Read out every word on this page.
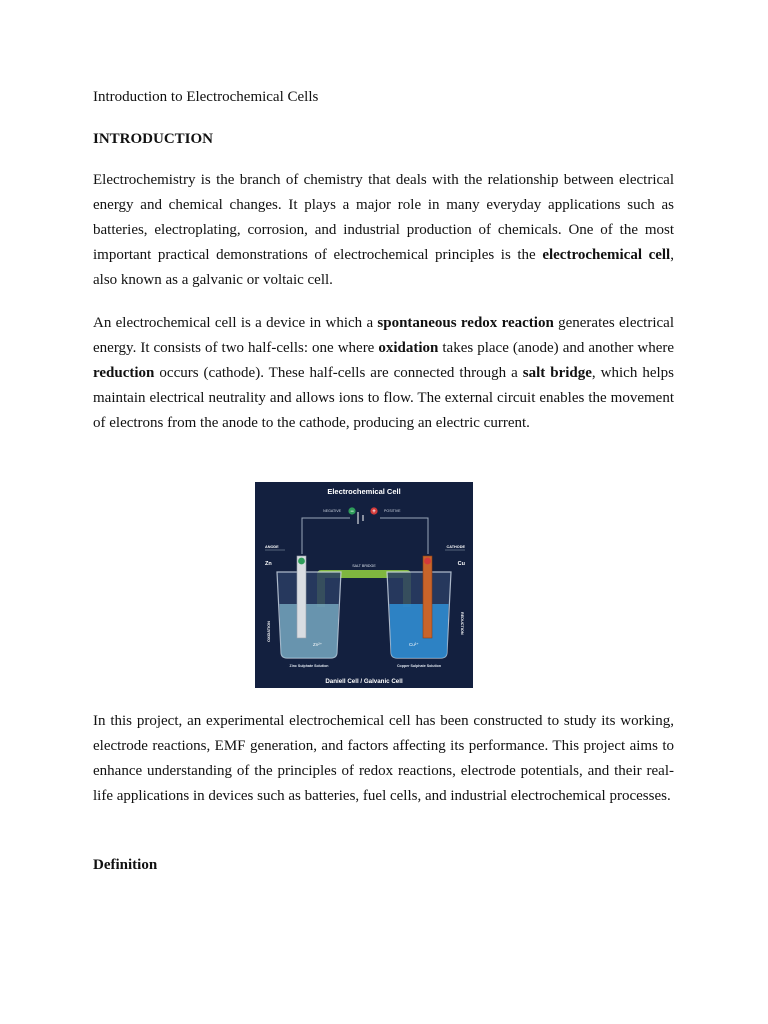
Introduction to Electrochemical Cells

INTRODUCTION

Electrochemistry is the branch of chemistry that deals with the relationship between electrical energy and chemical changes. It plays a major role in many everyday applications such as batteries, electroplating, corrosion, and industrial production of chemicals. One of the most important practical demonstrations of electrochemical principles is the electrochemical cell, also known as a galvanic or voltaic cell.

An electrochemical cell is a device in which a spontaneous redox reaction generates electrical energy. It consists of two half-cells: one where oxidation takes place (anode) and another where reduction occurs (cathode). These half-cells are connected through a salt bridge, which helps maintain electrical neutrality and allows ions to flow. The external circuit enables the movement of electrons from the anode to the cathode, producing an electric current.

In this project, an experimental electrochemical cell has been constructed to study its working, electrode reactions, EMF generation, and factors affecting its performance. This project aims to enhance understanding of the principles of redox reactions, electrode potentials, and their real-life applications in devices such as batteries, fuel cells, and industrial electrochemical processes.

Definition

Electrochemical Cell
NEGATIVE −	+ POSITIVE
ANODE	CATHODE
Zn	Cu
SALT BRIDGE
OXIDATION	REDUCTION
Zn²⁺	Cu²⁺
Zinc Sulphate Solution	Copper Sulphate Solution
Daniell Cell / Galvanic Cell
